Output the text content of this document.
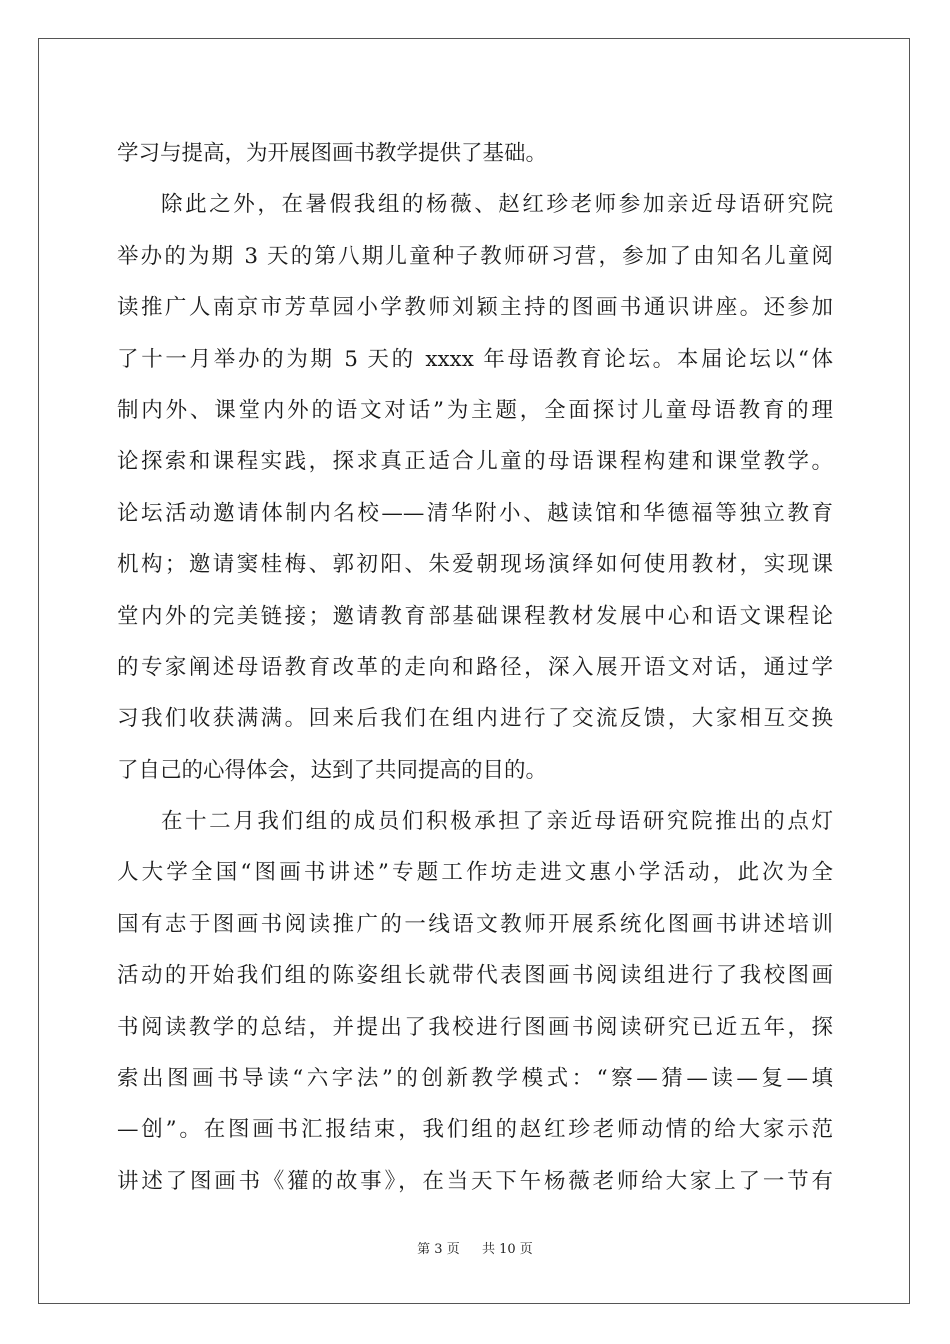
学习与提高，为开展图画书教学提供了基础。
除此之外，在暑假我组的杨薇、赵红珍老师参加亲近母语研究院
举办的为期 3 天的第八期儿童种子教师研习营，参加了由知名儿童阅
读推广人南京市芳草园小学教师刘颖主持的图画书通识讲座。还参加
了十一月举办的为期 5 天的 xxxx 年母语教育论坛。本届论坛以“体
制内外、课堂内外的语文对话”为主题，全面探讨儿童母语教育的理
论探索和课程实践，探求真正适合儿童的母语课程构建和课堂教学。
论坛活动邀请体制内名校——清华附小、越读馆和华德福等独立教育
机构；邀请窦桂梅、郭初阳、朱爱朝现场演绎如何使用教材，实现课
堂内外的完美链接；邀请教育部基础课程教材发展中心和语文课程论
的专家阐述母语教育改革的走向和路径，深入展开语文对话，通过学
习我们收获满满。回来后我们在组内进行了交流反馈，大家相互交换
了自己的心得体会，达到了共同提高的目的。
在十二月我们组的成员们积极承担了亲近母语研究院推出的点灯
人大学全国“图画书讲述”专题工作坊走进文惠小学活动，此次为全
国有志于图画书阅读推广的一线语文教师开展系统化图画书讲述培训
活动的开始我们组的陈姿组长就带代表图画书阅读组进行了我校图画
书阅读教学的总结，并提出了我校进行图画书阅读研究已近五年，探
索出图画书导读“六字法”的创新教学模式：“察—猜—读—复—填
—创”。在图画书汇报结束，我们组的赵红珍老师动情的给大家示范
讲述了图画书《獾的故事》，在当天下午杨薇老师给大家上了一节有
第 3 页 共 10 页
